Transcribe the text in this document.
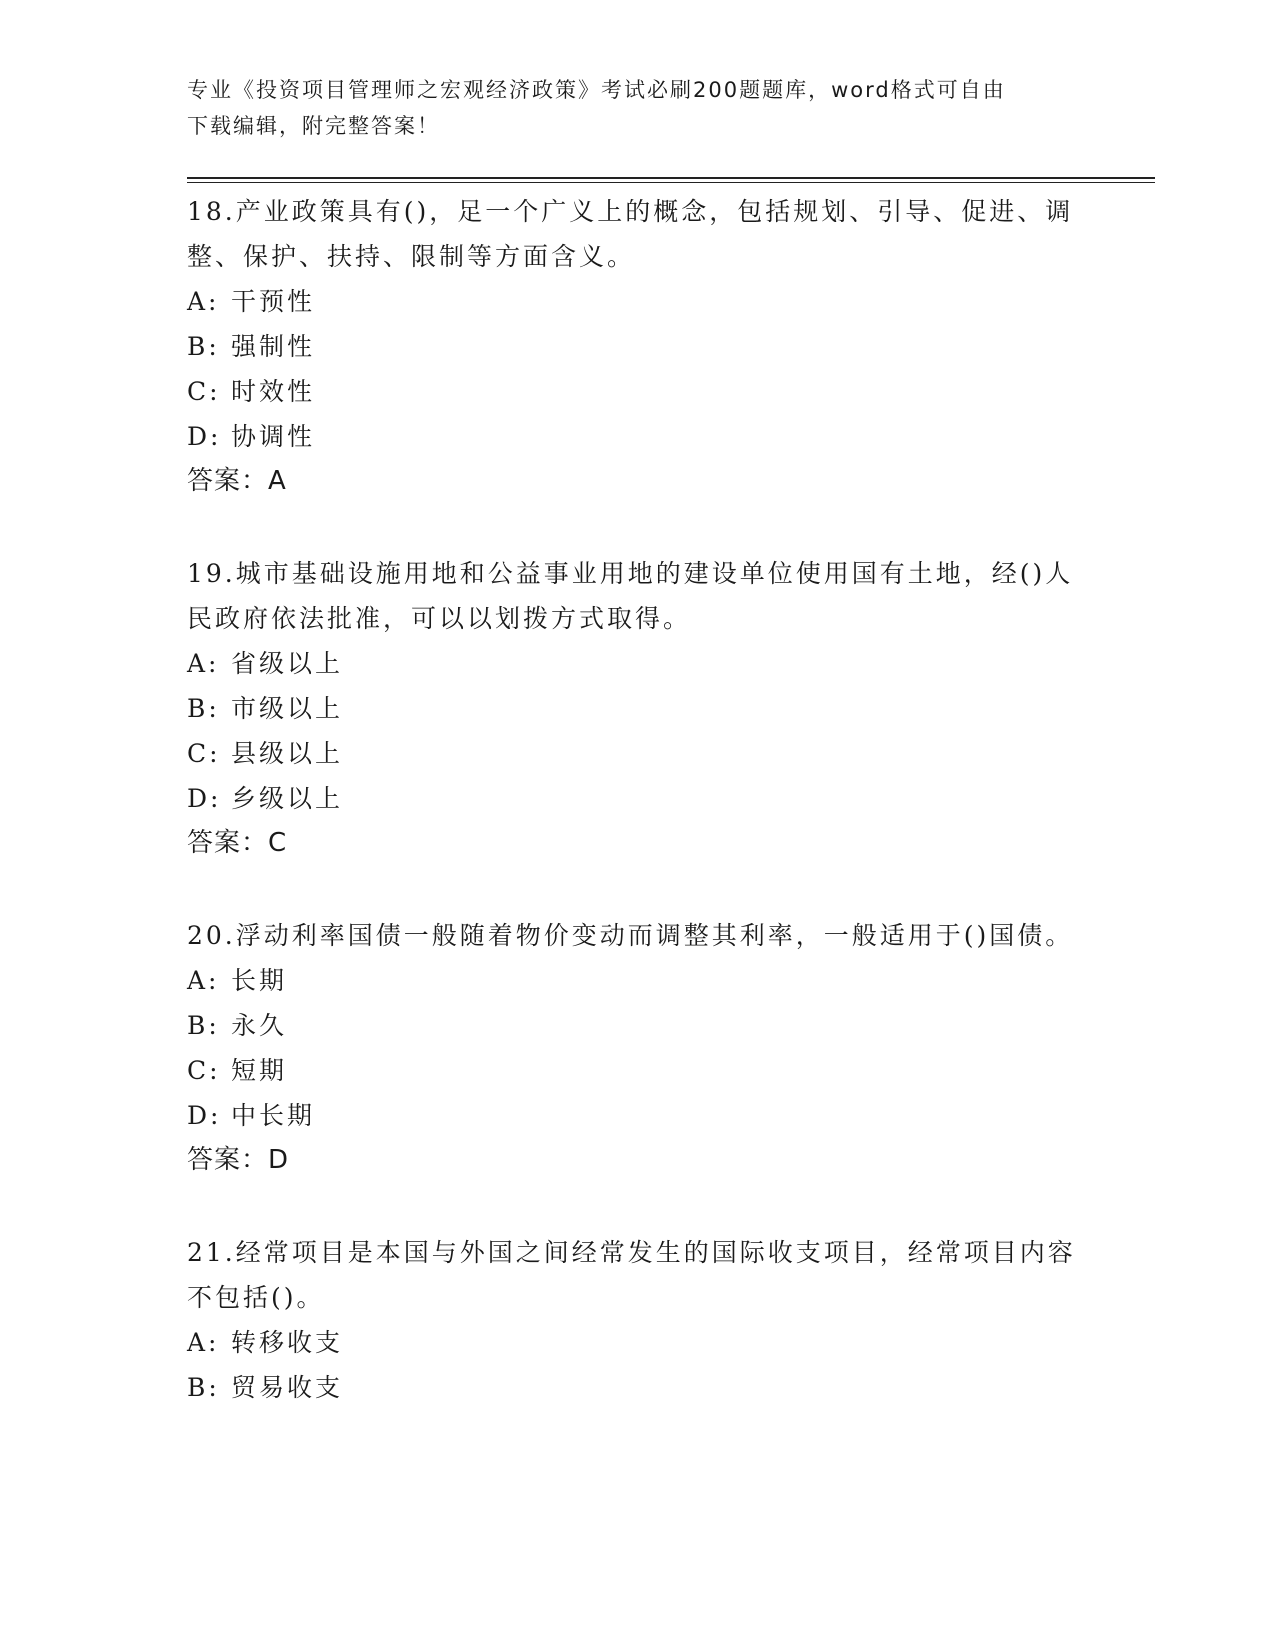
专业《投资项目管理师之宏观经济政策》考试必刷200题题库，word格式可自由
下载编辑，附完整答案！
18.产业政策具有()，足一个广义上的概念，包括规划、引导、促进、调整、保护、扶持、限制等方面含义。
A: 干预性
B: 强制性
C: 时效性
D: 协调性
答案：A
19.城市基础设施用地和公益事业用地的建设单位使用国有土地，经()人民政府依法批准，可以以划拨方式取得。
A: 省级以上
B: 市级以上
C: 县级以上
D: 乡级以上
答案：C
20.浮动利率国债一般随着物价变动而调整其利率，一般适用于()国债。
A: 长期
B: 永久
C: 短期
D: 中长期
答案：D
21.经常项目是本国与外国之间经常发生的国际收支项目，经常项目内容不包括()。
A: 转移收支
B: 贸易收支
